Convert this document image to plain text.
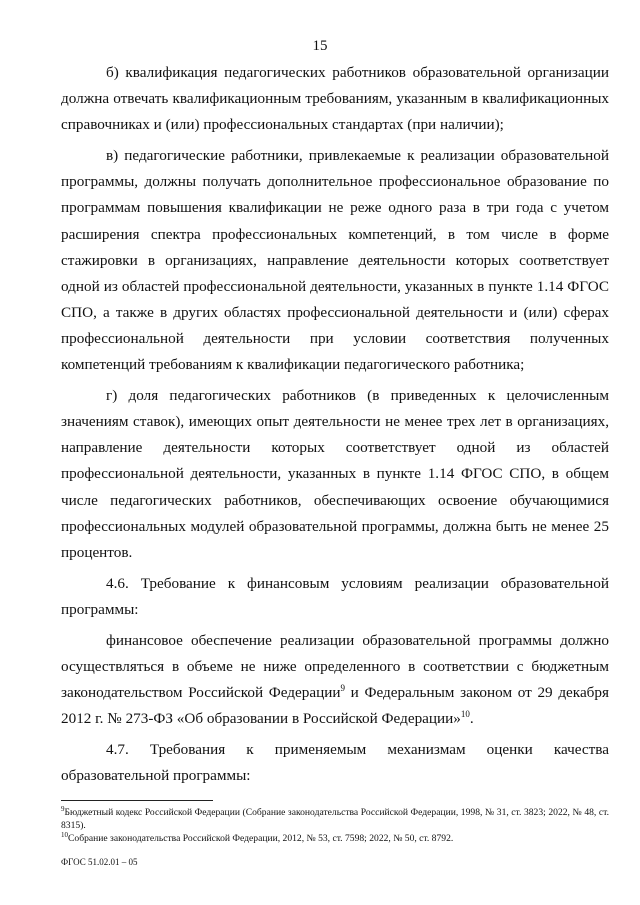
15

б) квалификация педагогических работников образовательной организации должна отвечать квалификационным требованиям, указанным в квалификационных справочниках и (или) профессиональных стандартах (при наличии);

в) педагогические работники, привлекаемые к реализации образовательной программы, должны получать дополнительное профессиональное образование по программам повышения квалификации не реже одного раза в три года с учетом расширения спектра профессиональных компетенций, в том числе в форме стажировки в организациях, направление деятельности которых соответствует одной из областей профессиональной деятельности, указанных в пункте 1.14 ФГОС СПО, а также в других областях профессиональной деятельности и (или) сферах профессиональной деятельности при условии соответствия полученных компетенций требованиям к квалификации педагогического работника;

г) доля педагогических работников (в приведенных к целочисленным значениям ставок), имеющих опыт деятельности не менее трех лет в организациях, направление деятельности которых соответствует одной из областей профессиональной деятельности, указанных в пункте 1.14 ФГОС СПО, в общем числе педагогических работников, обеспечивающих освоение обучающимися профессиональных модулей образовательной программы, должна быть не менее 25 процентов.

4.6. Требование к финансовым условиям реализации образовательной программы:

финансовое обеспечение реализации образовательной программы должно осуществляться в объеме не ниже определенного в соответствии с бюджетным законодательством Российской Федерации$^9$ и Федеральным законом от 29 декабря 2012 г. № 273-ФЗ «Об образовании в Российской Федерации»$^{10}$.

4.7. Требования к применяемым механизмам оценки качества образовательной программы:

$^9$Бюджетный кодекс Российской Федерации (Собрание законодательства Российской Федерации, 1998, № 31, ст. 3823; 2022, № 48, ст. 8315).

$^{10}$Собрание законодательства Российской Федерации, 2012, № 53, ст. 7598; 2022, № 50, ст. 8792.

ФГОС 51.02.01 – 05
